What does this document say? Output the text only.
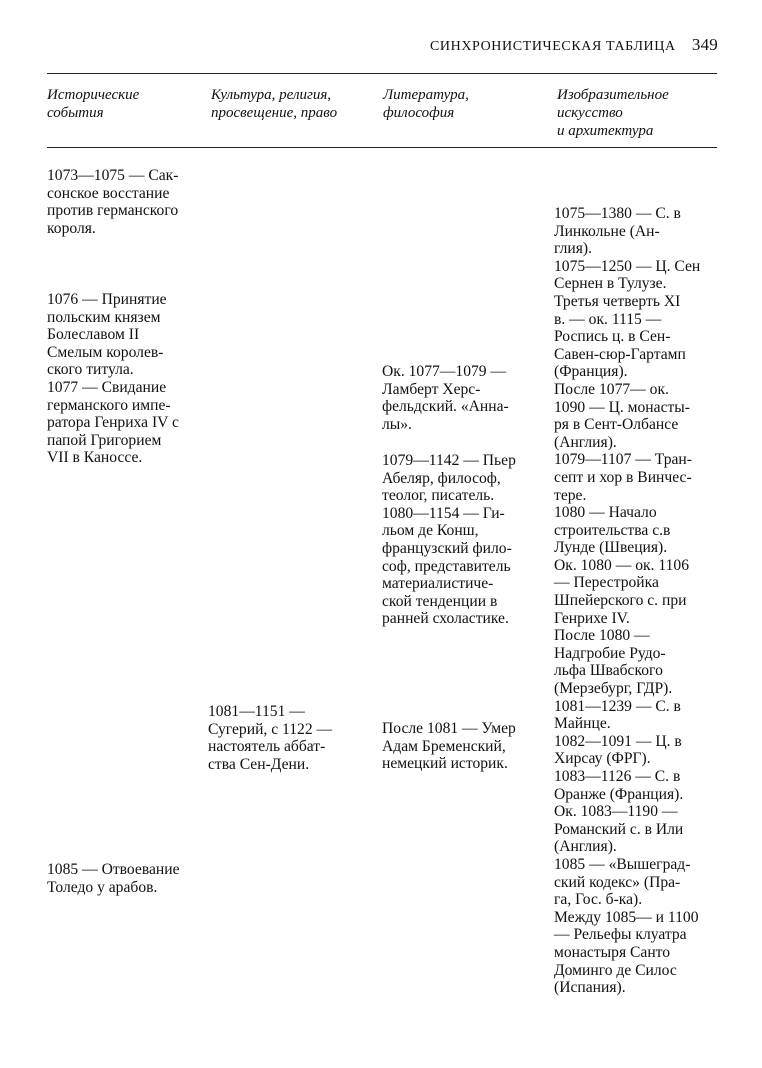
СИНХРОНИСТИЧЕСКАЯ ТАБЛИЦА 349
Исторические
события
Культура, религия,
просвещение, право
Литература,
философия
Изобразительное
искусство
и архитектура
1073—1075 — Сак-
сонское восстание
против германского
короля.
1076 — Принятие
польским князем
Болеславом II
Смелым королев-
ского титула.
1077 — Свидание
германского импе-
ратора Генриха IV с
папой Григорием
VII в Каноссе.
1085 — Отвоевание
Толедо у арабов.
1081—1151 —
Сугерий, с 1122 —
настоятель аббат-
ства Сен-Дени.
Ок. 1077—1079 —
Ламберт Херс-
фельдский. «Анна-
лы».
1079—1142 — Пьер
Абеляр, философ,
теолог, писатель.
1080—1154 — Ги-
льом де Конш,
французский фило-
соф, представитель
материалистиче-
ской тенденции в
ранней схоластике.
После 1081 — Умер
Адам Бременский,
немецкий историк.
1075—1380 — С. в
Линкольне (Ан-
глия).
1075—1250 — Ц. Сен
Сернен в Тулузе.
Третья четверть XI
в. — ок. 1115 —
Роспись ц. в Сен-
Савен-сюр-Гартамп
(Франция).
После 1077— ок.
1090 — Ц. монасты-
ря в Сент-Олбансе
(Англия).
1079—1107 — Тран-
септ и хор в Винчес-
тере.
1080 — Начало
строительства с.в
Лунде (Швеция).
Ок. 1080 — ок. 1106
— Перестройка
Шпейерского с. при
Генрихе IV.
После 1080 —
Надгробие Рудо-
льфа Швабского
(Мерзебург, ГДР).
1081—1239 — С. в
Майнце.
1082—1091 — Ц. в
Хирсау (ФРГ).
1083—1126 — С. в
Оранже (Франция).
Ок. 1083—1190 —
Романский с. в Или
(Англия).
1085 — «Вышеград-
ский кодекс» (Пра-
га, Гос. б-ка).
Между 1085— и 1100
— Рельефы клуатра
монастыря Санто
Доминго де Силос
(Испания).
